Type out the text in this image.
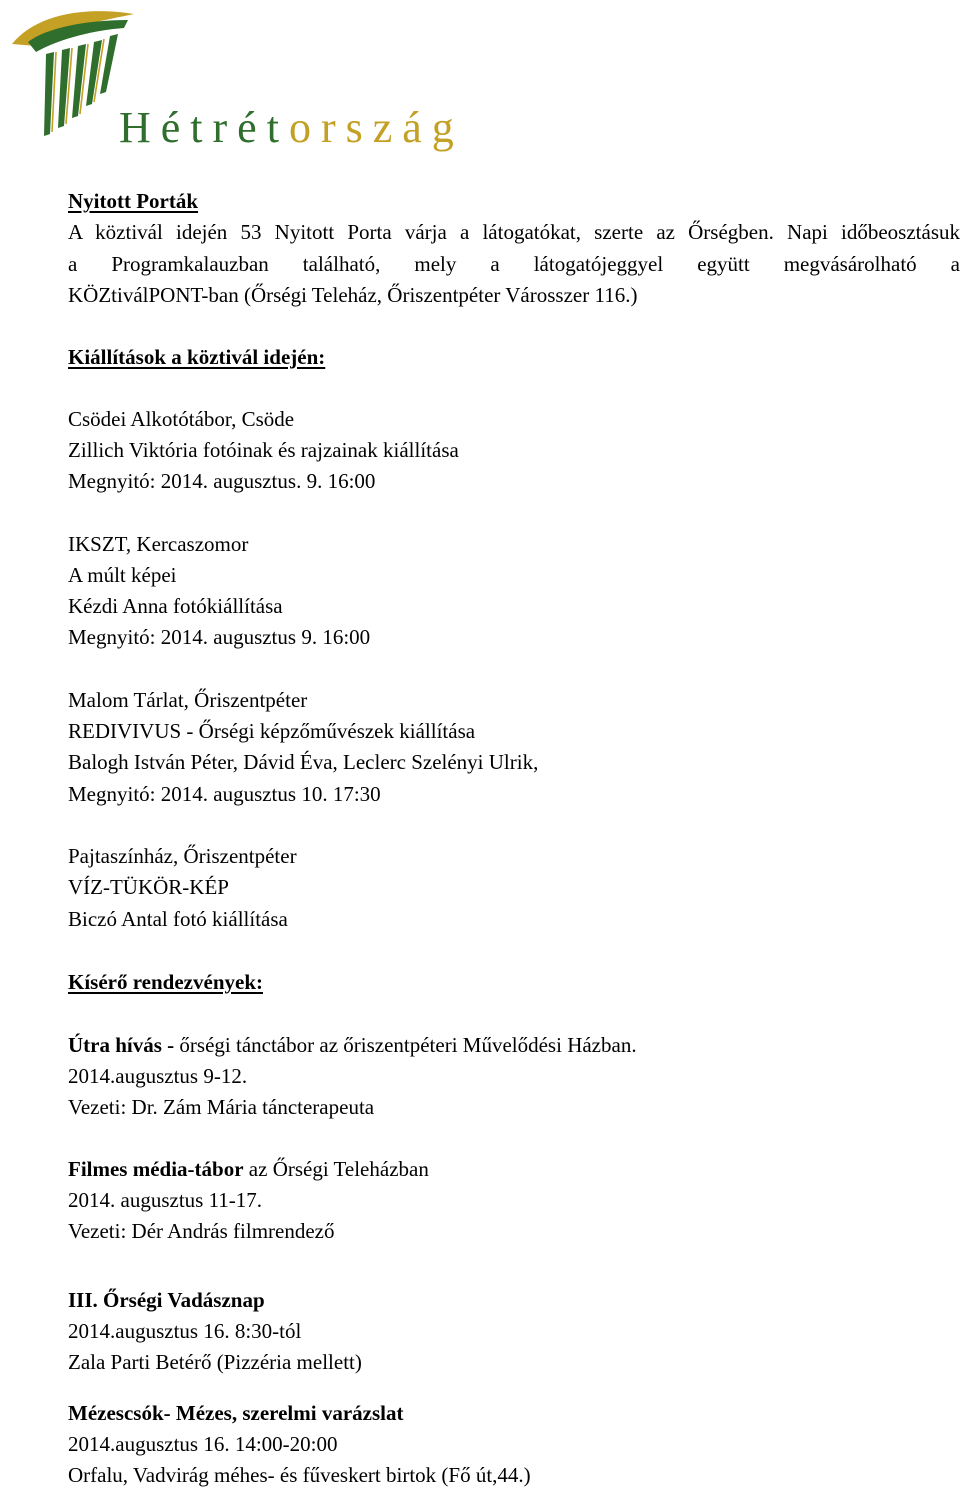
Hétrétország
Nyitott Porták
A köztivál idején 53 Nyitott Porta várja a látogatókat, szerte az Őrségben. Napi időbeosztásuk
a Programkalauzban található, mely a látogatójeggyel együtt megvásárolható a
KÖZtiválPONT-ban (Őrségi Teleház, Őriszentpéter Városszer 116.)
Kiállítások a köztivál idején:
Csödei Alkotótábor, Csöde
Zillich Viktória fotóinak és rajzainak kiállítása
Megnyitó: 2014. augusztus. 9. 16:00
IKSZT, Kercaszomor
A múlt képei
Kézdi Anna fotókiállítása
Megnyitó: 2014. augusztus 9. 16:00
Malom Tárlat, Őriszentpéter
REDIVIVUS - Őrségi képzőművészek kiállítása
Balogh István Péter, Dávid Éva, Leclerc Szelényi Ulrik,
Megnyitó: 2014. augusztus 10. 17:30
Pajtaszínház, Őriszentpéter
VÍZ-TÜKÖR-KÉP
Biczó Antal fotó kiállítása
Kísérő rendezvények:
Útra hívás - őrségi tánctábor az őriszentpéteri Művelődési Házban.
2014.augusztus 9-12.
Vezeti: Dr. Zám Mária táncterapeuta
Filmes média-tábor az Őrségi Teleházban
2014. augusztus 11-17.
Vezeti: Dér András filmrendező
III. Őrségi Vadásznap
2014.augusztus 16. 8:30-tól
Zala Parti Betérő (Pizzéria mellett)
Mézescsók- Mézes, szerelmi varázslat
2014.augusztus 16. 14:00-20:00
Orfalu, Vadvirág méhes- és fűveskert birtok (Fő út,44.)
